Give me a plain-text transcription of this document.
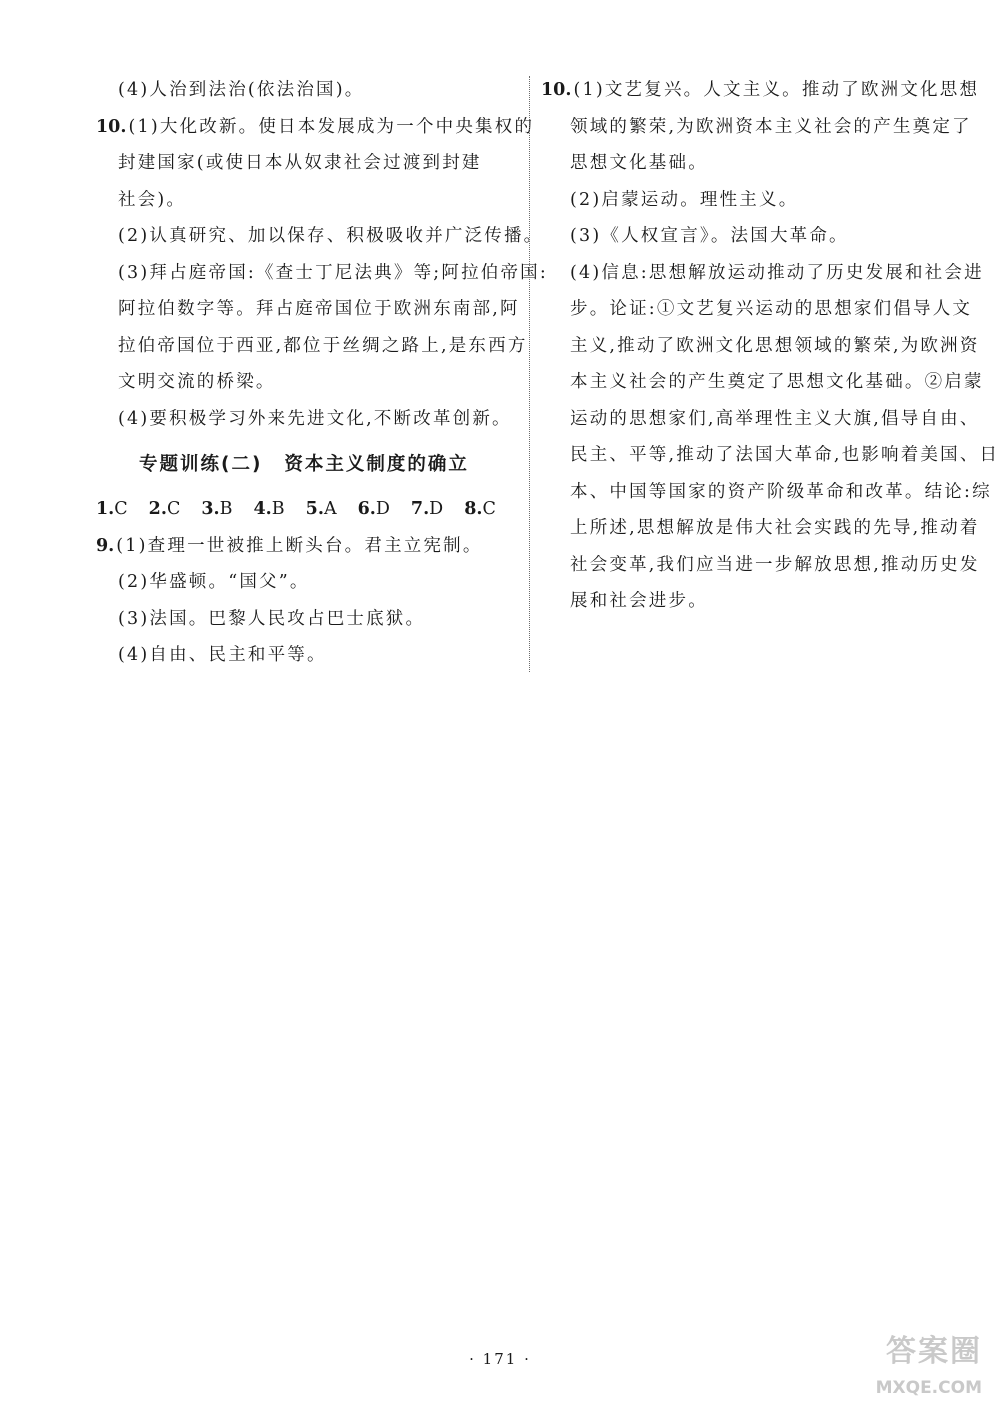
(4)人治到法治(依法治国)。
10. (1)大化改新。使日本发展成为一个中央集权的
封建国家(或使日本从奴隶社会过渡到封建
社会)。
(2)认真研究、加以保存、积极吸收并广泛传播。
(3)拜占庭帝国:《查士丁尼法典》等;阿拉伯帝国:
阿拉伯数字等。拜占庭帝国位于欧洲东南部,阿
拉伯帝国位于西亚,都位于丝绸之路上,是东西方
文明交流的桥梁。
(4)要积极学习外来先进文化,不断改革创新。
专题训练(二) 资本主义制度的确立
1.C 2.C 3.B 4.B 5.A 6.D 7.D 8.C
9. (1)查理一世被推上断头台。君主立宪制。
(2)华盛顿。“国父”。
(3)法国。巴黎人民攻占巴士底狱。
(4)自由、民主和平等。
10. (1)文艺复兴。人文主义。推动了欧洲文化思想
领域的繁荣,为欧洲资本主义社会的产生奠定了
思想文化基础。
(2)启蒙运动。理性主义。
(3)《人权宣言》。法国大革命。
(4)信息:思想解放运动推动了历史发展和社会进
步。论证:①文艺复兴运动的思想家们倡导人文
主义,推动了欧洲文化思想领域的繁荣,为欧洲资
本主义社会的产生奠定了思想文化基础。②启蒙
运动的思想家们,高举理性主义大旗,倡导自由、
民主、平等,推动了法国大革命,也影响着美国、日
本、中国等国家的资产阶级革命和改革。结论:综
上所述,思想解放是伟大社会实践的先导,推动着
社会变革,我们应当进一步解放思想,推动历史发
展和社会进步。
· 171 ·	答案圈
MXQE.COM
